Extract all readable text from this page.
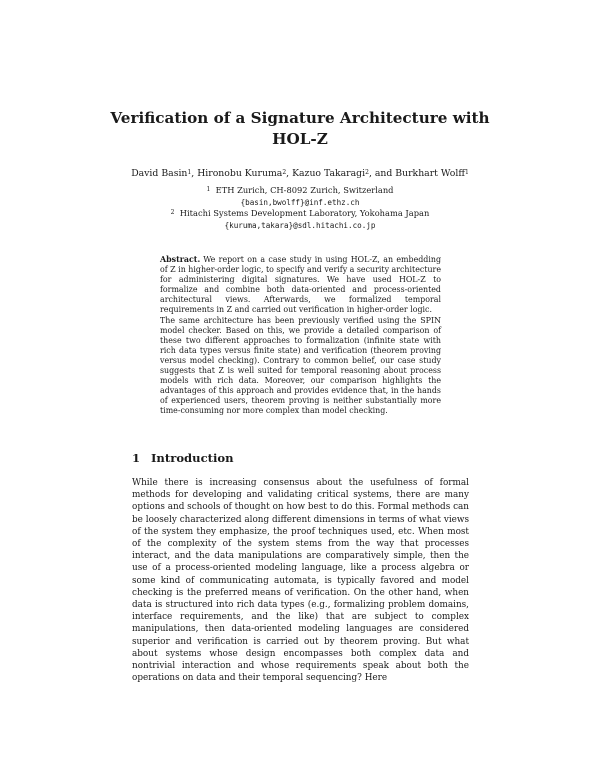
Verification of a Signature Architecture with
HOL-Z
David Basin$^1$, Hironobu Kuruma$^2$, Kazuo Takaragi$^2$, and Burkhart Wolff$^1$
$^1$ ETH Zurich, CH-8092 Zurich, Switzerland
{basin,bwolff}@inf.ethz.ch
$^2$ Hitachi Systems Development Laboratory, Yokohama Japan
{kuruma,takara}@sdl.hitachi.co.jp

Abstract. We report on a case study in using HOL-Z, an embedding of Z in higher-order logic, to specify and verify a security architecture for administering digital signatures. We have used HOL-Z to formalize and combine both data-oriented and process-oriented architectural views. Afterwards, we formalized temporal requirements in Z and carried out verification in higher-order logic.

The same architecture has been previously verified using the SPIN model checker. Based on this, we provide a detailed comparison of these two different approaches to formalization (infinite state with rich data types versus finite state) and verification (theorem proving versus model checking). Contrary to common belief, our case study suggests that Z is well suited for temporal reasoning about process models with rich data. Moreover, our comparison highlights the advantages of this approach and provides evidence that, in the hands of experienced users, theorem proving is neither substantially more time-consuming nor more complex than model checking.

1 Introduction

While there is increasing consensus about the usefulness of formal methods for developing and validating critical systems, there are many options and schools of thought on how best to do this. Formal methods can be loosely characterized along different dimensions in terms of what views of the system they emphasize, the proof techniques used, etc. When most of the complexity of the system stems from the way that processes interact, and the data manipulations are comparatively simple, then the use of a process-oriented modeling language, like a process algebra or some kind of communicating automata, is typically favored and model checking is the preferred means of verification. On the other hand, when data is structured into rich data types (e.g., formalizing problem domains, interface requirements, and the like) that are subject to complex manipulations, then data-oriented modeling languages are considered superior and verification is carried out by theorem proving. But what about systems whose design encompasses both complex data and nontrivial interaction and whose requirements speak about both the operations on data and their temporal sequencing? Here
